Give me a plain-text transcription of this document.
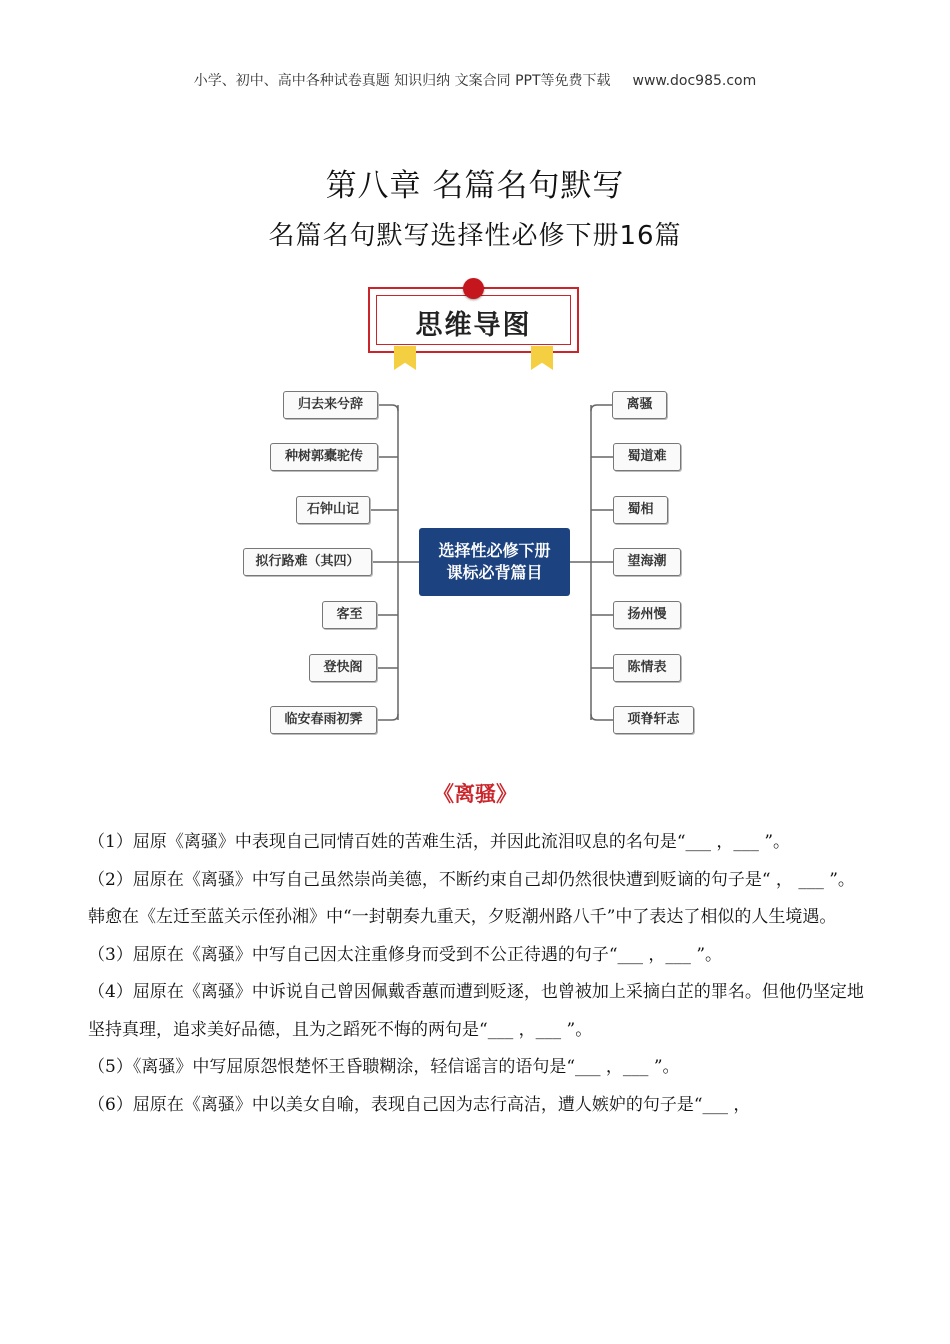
小学、初中、高中各种试卷真题 知识归纳 文案合同 PPT等免费下载 www.doc985.com
第八章 名篇名句默写
名篇名句默写选择性必修下册16篇
思维导图
选择性必修下册
课标必背篇目
归去来兮辞
种树郭橐驼传
石钟山记
拟行路难（其四）
客至
登快阁
临安春雨初霁
离骚
蜀道难
蜀相
望海潮
扬州慢
陈情表
项脊轩志
《离骚》

（1）屈原《离骚》中表现自己同情百姓的苦难生活，并因此流泪叹息的名句是“___ ，___ ”。

（2）屈原在《离骚》中写自己虽然崇尚美德，不断约束自己却仍然很快遭到贬谪的句子是“ ， ___ ”。韩愈在《左迁至蓝关示侄孙湘》中“一封朝奏九重天，夕贬潮州路八千”中了表达了相似的人生境遇。

（3）屈原在《离骚》中写自己因太注重修身而受到不公正待遇的句子“___ ，___ ”。

（4）屈原在《离骚》中诉说自己曾因佩戴香蕙而遭到贬逐，也曾被加上采摘白芷的罪名。但他仍坚定地坚持真理，追求美好品德，且为之蹈死不悔的两句是“___ ，___ ”。

（5）《离骚》中写屈原怨恨楚怀王昏聩糊涂，轻信谣言的语句是“___ ，___ ”。

（6）屈原在《离骚》中以美女自喻，表现自己因为志行高洁，遭人嫉妒的句子是“___ ，
